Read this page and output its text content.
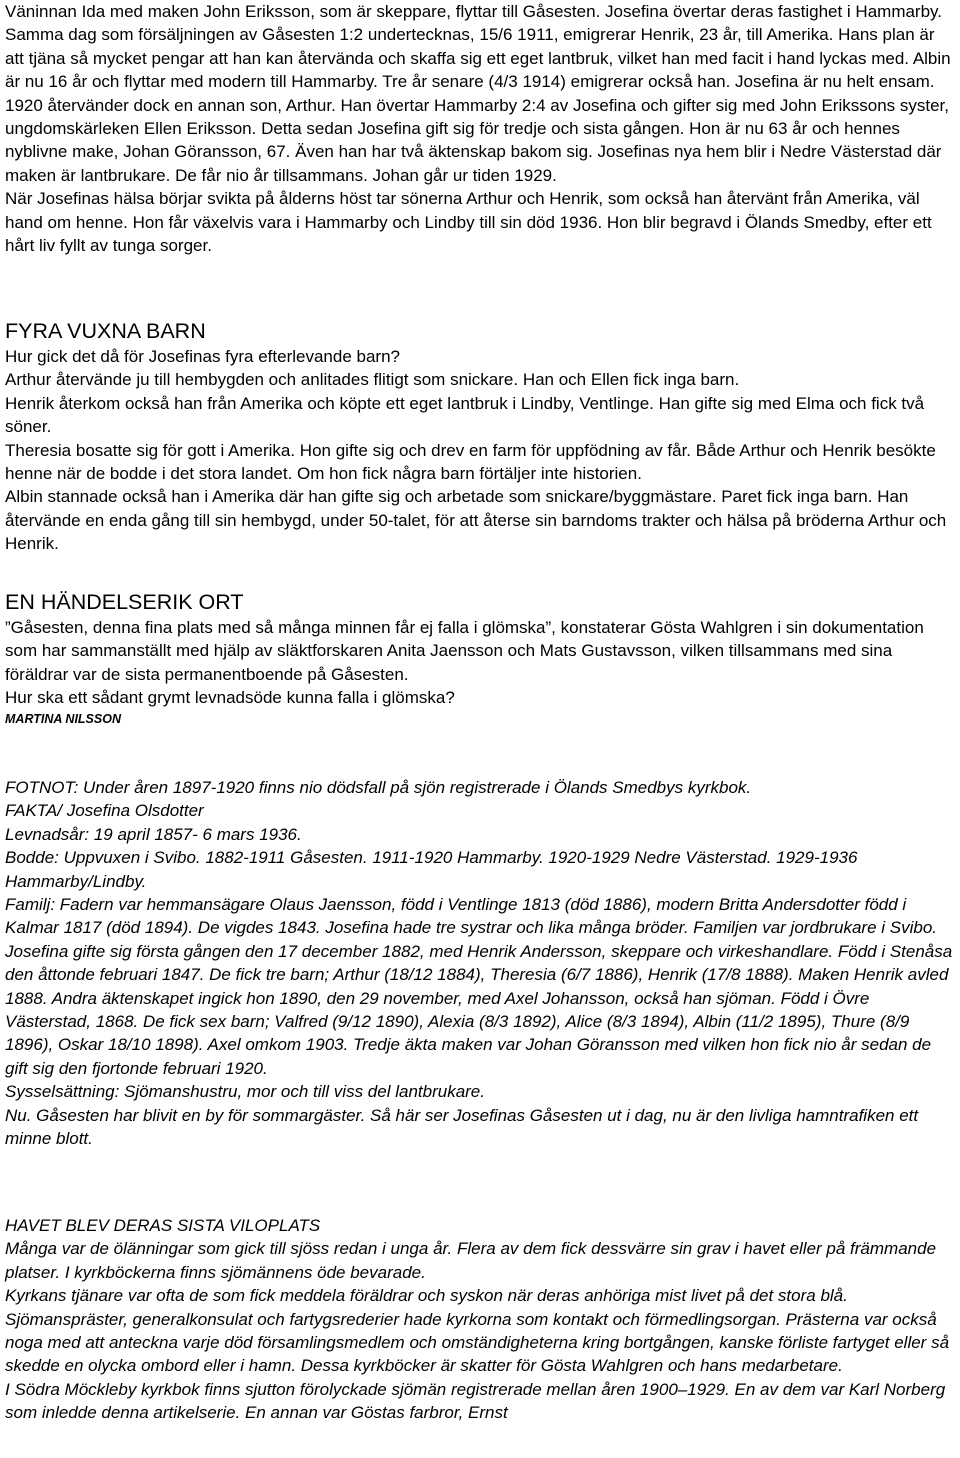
Väninnan Ida med maken John Eriksson, som är skeppare, flyttar till Gåsesten. Josefina övertar deras fastighet i Hammarby. Samma dag som försäljningen av Gåsesten 1:2 undertecknas, 15/6 1911, emigrerar Henrik, 23 år, till Amerika. Hans plan är att tjäna så mycket pengar att han kan återvända och skaffa sig ett eget lantbruk, vilket han med facit i hand lyckas med. Albin är nu 16 år och flyttar med modern till Hammarby. Tre år senare (4/3 1914) emigrerar också han. Josefina är nu helt ensam. 1920 återvänder dock en annan son, Arthur. Han övertar Hammarby 2:4 av Josefina och gifter sig med John Erikssons syster, ungdomskärleken Ellen Eriksson. Detta sedan Josefina gift sig för tredje och sista gången. Hon är nu 63 år och hennes nyblivne make, Johan Göransson, 67. Även han har två äktenskap bakom sig. Josefinas nya hem blir i Nedre Västerstad där maken är lantbrukare. De får nio år tillsammans. Johan går ur tiden 1929.

När Josefinas hälsa börjar svikta på ålderns höst tar sönerna Arthur och Henrik, som också han återvänt från Amerika, väl hand om henne. Hon får växelvis vara i Hammarby och Lindby till sin död 1936. Hon blir begravd i Ölands Smedby, efter ett hårt liv fyllt av tunga sorger.

FYRA VUXNA BARN

Hur gick det då för Josefinas fyra efterlevande barn?

Arthur återvände ju till hembygden och anlitades flitigt som snickare. Han och Ellen fick inga barn.

Henrik återkom också han från Amerika och köpte ett eget lantbruk i Lindby, Ventlinge. Han gifte sig med Elma och fick två söner.

Theresia bosatte sig för gott i Amerika. Hon gifte sig och drev en farm för uppfödning av får. Både Arthur och Henrik besökte henne när de bodde i det stora landet. Om hon fick några barn förtäljer inte historien.

Albin stannade också han i Amerika där han gifte sig och arbetade som snickare/byggmästare. Paret fick inga barn. Han återvände en enda gång till sin hembygd, under 50-talet, för att återse sin barndoms trakter och hälsa på bröderna Arthur och Henrik.

EN HÄNDELSERIK ORT

”Gåsesten, denna fina plats med så många minnen får ej falla i glömska”, konstaterar Gösta Wahlgren i sin dokumentation som har sammanställt med hjälp av släktforskaren Anita Jaensson och Mats Gustavsson, vilken tillsammans med sina föräldrar var de sista permanentboende på Gåsesten.

Hur ska ett sådant grymt levnadsöde kunna falla i glömska?

MARTINA NILSSON

FOTNOT: Under åren 1897-1920 finns nio dödsfall på sjön registrerade i Ölands Smedbys kyrkbok.

FAKTA/ Josefina Olsdotter

Levnadsår: 19 april 1857- 6 mars 1936.

Bodde: Uppvuxen i Svibo. 1882-1911 Gåsesten. 1911-1920 Hammarby. 1920-1929 Nedre Västerstad. 1929-1936 Hammarby/Lindby.

Familj: Fadern var hemmansägare Olaus Jaensson, född i Ventlinge 1813 (död 1886), modern Britta Andersdotter född i Kalmar 1817 (död 1894). De vigdes 1843. Josefina hade tre systrar och lika många bröder. Familjen var jordbrukare i Svibo. Josefina gifte sig första gången den 17 december 1882, med Henrik Andersson, skeppare och virkeshandlare. Född i Stenåsa den åttonde februari 1847. De fick tre barn; Arthur (18/12 1884), Theresia (6/7 1886), Henrik (17/8 1888). Maken Henrik avled 1888. Andra äktenskapet ingick hon 1890, den 29 november, med Axel Johansson, också han sjöman. Född i Övre Västerstad, 1868. De fick sex barn; Valfred (9/12 1890), Alexia (8/3 1892), Alice (8/3 1894), Albin (11/2 1895), Thure (8/9 1896), Oskar 18/10 1898). Axel omkom 1903. Tredje äkta maken var Johan Göransson med vilken hon fick nio år sedan de gift sig den fjortonde februari 1920.

Sysselsättning: Sjömanshustru, mor och till viss del lantbrukare.

Nu. Gåsesten har blivit en by för sommargäster. Så här ser Josefinas Gåsesten ut i dag, nu är den livliga hamntrafiken ett minne blott.

HAVET BLEV DERAS SISTA VILOPLATS

Många var de ölänningar som gick till sjöss redan i unga år. Flera av dem fick dessvärre sin grav i havet eller på främmande platser. I kyrkböckerna finns sjömännens öde bevarade.

Kyrkans tjänare var ofta de som fick meddela föräldrar och syskon när deras anhöriga mist livet på det stora blå. Sjömanspräster, generalkonsulat och fartygsrederier hade kyrkorna som kontakt och förmedlingsorgan. Prästerna var också noga med att anteckna varje död församlingsmedlem och omständigheterna kring bortgången, kanske förliste fartyget eller så skedde en olycka ombord eller i hamn. Dessa kyrkböcker är skatter för Gösta Wahlgren och hans medarbetare.

I Södra Möckleby kyrkbok finns sjutton förolyckade sjömän registrerade mellan åren 1900–1929. En av dem var Karl Norberg som inledde denna artikelserie. En annan var Göstas farbror, Ernst
